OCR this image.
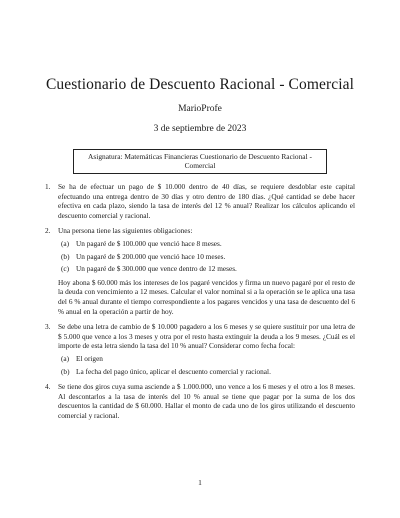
Cuestionario de Descuento Racional - Comercial
MarioProfe
3 de septiembre de 2023
Asignatura: Matemáticas Financieras Cuestionario de Descuento Racional - Comercial
1. Se ha de efectuar un pago de $ 10.000 dentro de 40 días, se requiere desdoblar este capital efectuando una entrega dentro de 30 días y otro dentro de 180 días. ¿Qué cantidad se debe hacer efectiva en cada plazo, siendo la tasa de interés del 12 % anual? Realizar los cálculos aplicando el descuento comercial y racional.

2. Una persona tiene las siguientes obligaciones:

(a) Un pagaré de $ 100.000 que venció hace 8 meses.

(b) Un pagaré de $ 200.000 que venció hace 10 meses.

(c) Un pagaré de $ 300.000 que vence dentro de 12 meses.

Hoy abona $ 60.000 más los intereses de los pagaré vencidos y firma un nuevo pagaré por el resto de la deuda con vencimiento a 12 meses. Calcular el valor nominal si a la operación se le aplica una tasa del 6 % anual durante el tiempo correspondiente a los pagares vencidos y una tasa de descuento del 6 % anual en la operación a partir de hoy.

3. Se debe una letra de cambio de $ 10.000 pagadero a los 6 meses y se quiere sustituir por una letra de $ 5.000 que vence a los 3 meses y otra por el resto hasta extinguir la deuda a los 9 meses. ¿Cuál es el importe de esta letra siendo la tasa del 10 % anual? Considerar como fecha focal:

(a) El origen

(b) La fecha del pago único, aplicar el descuento comercial y racional.

4. Se tiene dos giros cuya suma asciende a $ 1.000.000, uno vence a los 6 meses y el otro a los 8 meses. Al descontarlos a la tasa de interés del 10 % anual se tiene que pagar por la suma de los dos descuentos la cantidad de $ 60.000. Hallar el monto de cada uno de los giros utilizando el descuento comercial y racional.

1
